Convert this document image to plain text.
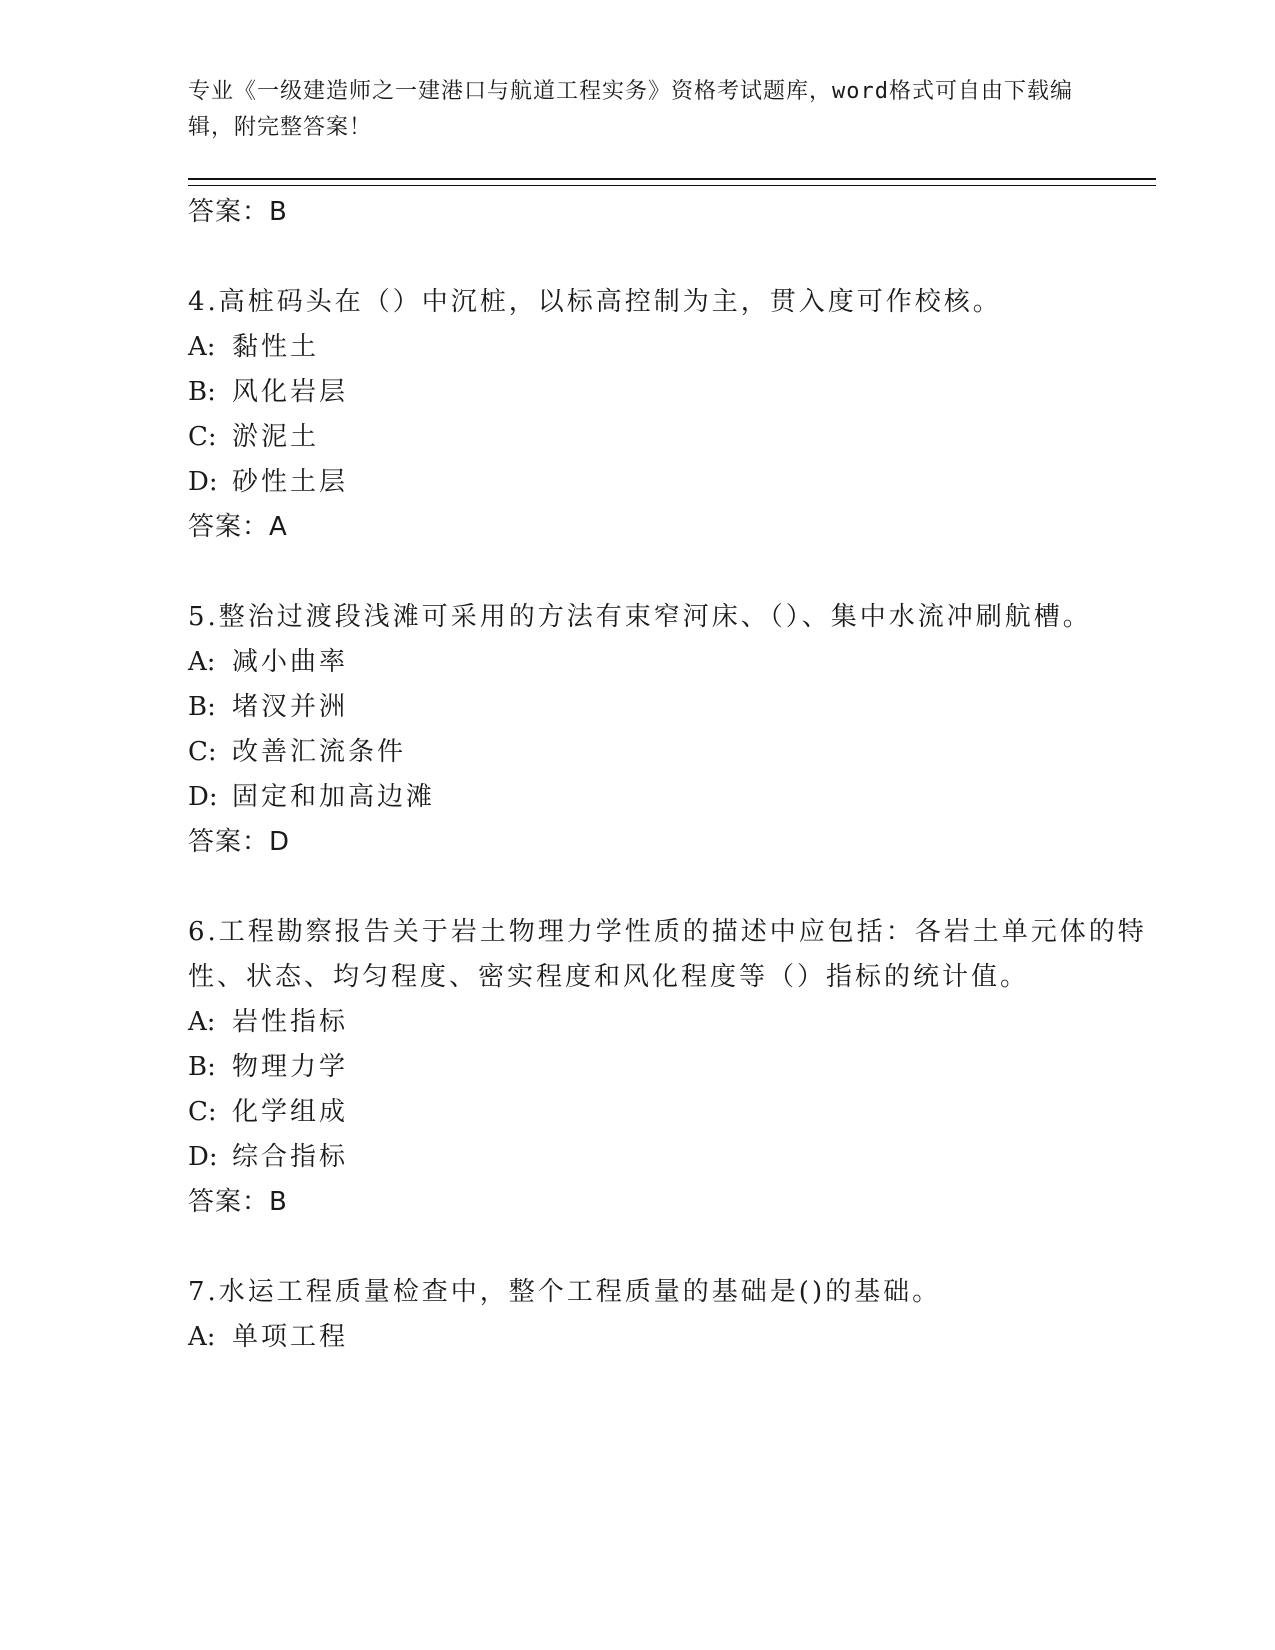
专业《一级建造师之一建港口与航道工程实务》资格考试题库，word格式可自由下载编辑，附完整答案！
答案：B
4.高桩码头在（）中沉桩，以标高控制为主，贯入度可作校核。
A: 黏性土
B: 风化岩层
C: 淤泥土
D: 砂性土层
答案：A
5.整治过渡段浅滩可采用的方法有束窄河床、（）、集中水流冲刷航槽。
A: 减小曲率
B: 堵汊并洲
C: 改善汇流条件
D: 固定和加高边滩
答案：D
6.工程勘察报告关于岩土物理力学性质的描述中应包括：各岩土单元体的特性、状态、均匀程度、密实程度和风化程度等（）指标的统计值。
A: 岩性指标
B: 物理力学
C: 化学组成
D: 综合指标
答案：B
7.水运工程质量检查中，整个工程质量的基础是()的基础。
A: 单项工程
